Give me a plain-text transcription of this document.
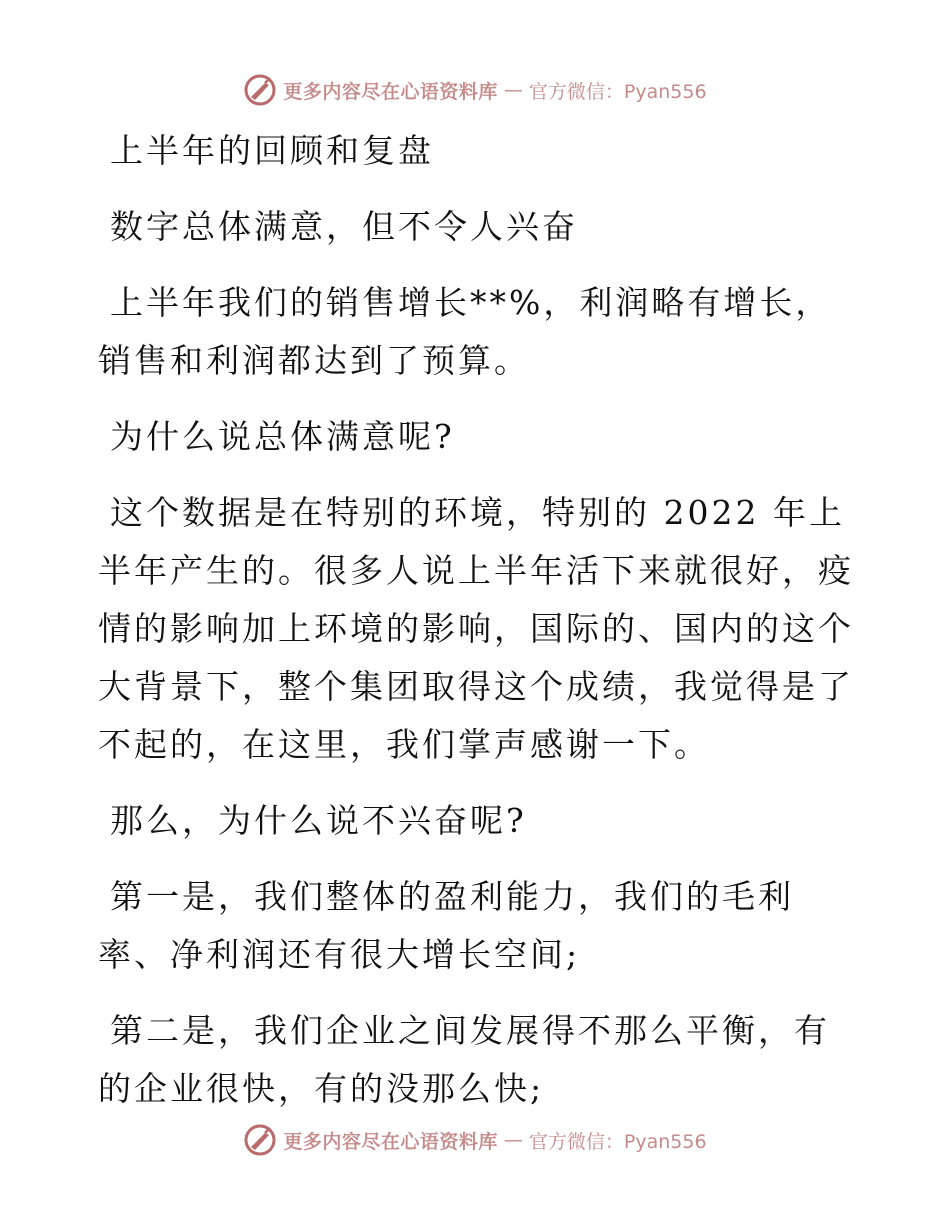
更多内容尽在心语资料库 — 官方微信：Pyan556

上半年的回顾和复盘

数字总体满意，但不令人兴奋

上半年我们的销售增长**%，利润略有增长，销售和利润都达到了预算。

为什么说总体满意呢?

这个数据是在特别的环境，特别的 2022 年上半年产生的。很多人说上半年活下来就很好，疫情的影响加上环境的影响，国际的、国内的这个大背景下，整个集团取得这个成绩，我觉得是了不起的，在这里，我们掌声感谢一下。

那么，为什么说不兴奋呢?

第一是，我们整体的盈利能力，我们的毛利率、净利润还有很大增长空间;

第二是，我们企业之间发展得不那么平衡，有的企业很快，有的没那么快;

更多内容尽在心语资料库 — 官方微信：Pyan556
